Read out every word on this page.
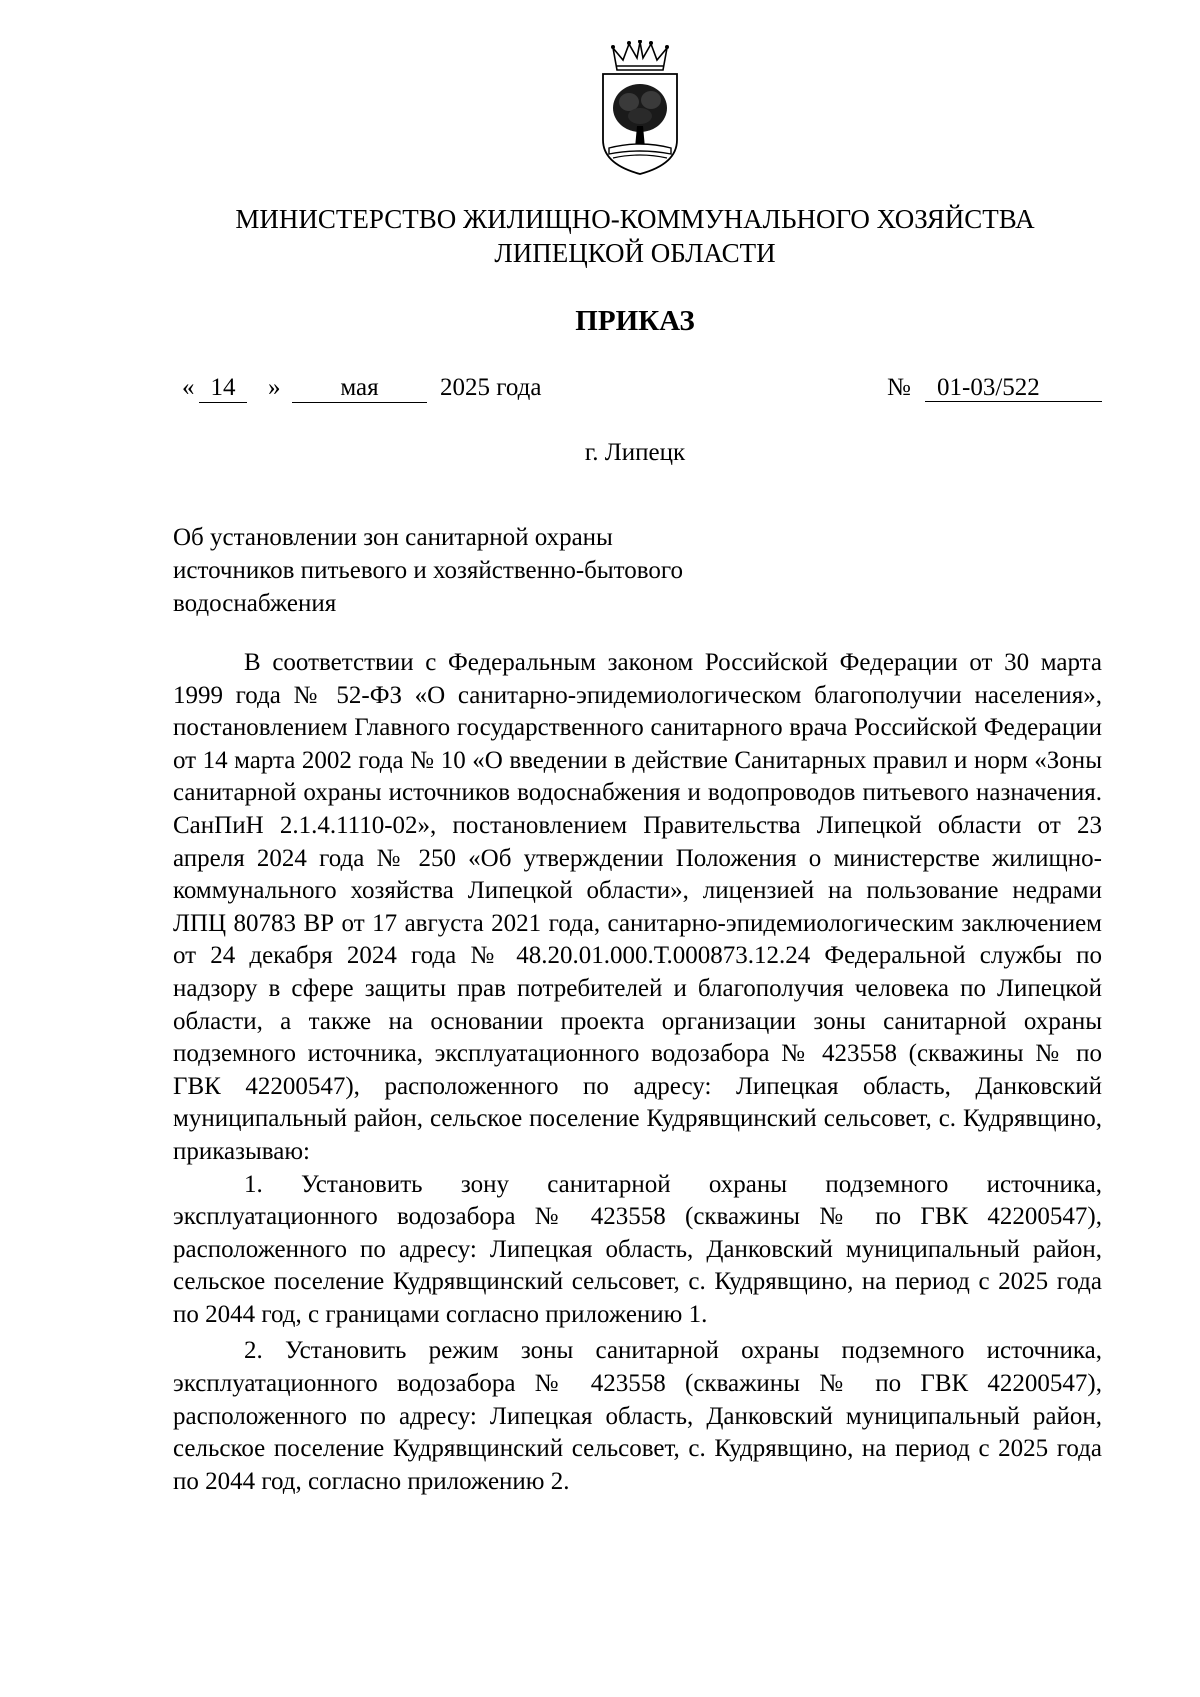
МИНИСТЕРСТВО ЖИЛИЩНО-КОММУНАЛЬНОГО ХОЗЯЙСТВА
ЛИПЕЦКОЙ ОБЛАСТИ
ПРИКАЗ
« 14	»	мая	2025 года	№	01-03/522
г. Липецк
Об установлении зон санитарной охраны
источников питьевого и хозяйственно-бытового
водоснабжения

В соответствии с Федеральным законом Российской Федерации от 30 марта 1999 года № 52-ФЗ «О санитарно-эпидемиологическом благополучии населения», постановлением Главного государственного санитарного врача Российской Федерации от 14 марта 2002 года № 10 «О введении в действие Санитарных правил и норм «Зоны санитарной охраны источников водоснабжения и водопроводов питьевого назначения. СанПиН 2.1.4.1110-02», постановлением Правительства Липецкой области от 23 апреля 2024 года № 250 «Об утверждении Положения о министерстве жилищно-коммунального хозяйства Липецкой области», лицензией на пользование недрами ЛПЦ 80783 ВР от 17 августа 2021 года, санитарно-эпидемиологическим заключением от 24 декабря 2024 года № 48.20.01.000.Т.000873.12.24 Федеральной службы по надзору в сфере защиты прав потребителей и благополучия человека по Липецкой области, а также на основании проекта организации зоны санитарной охраны подземного источника, эксплуатационного водозабора № 423558 (скважины № по ГВК 42200547), расположенного по адресу: Липецкая область, Данковский муниципальный район, сельское поселение Кудрявщинский сельсовет, с. Кудрявщино, приказываю:

1. Установить зону санитарной охраны подземного источника, эксплуатационного водозабора № 423558 (скважины № по ГВК 42200547), расположенного по адресу: Липецкая область, Данковский муниципальный район, сельское поселение Кудрявщинский сельсовет, с. Кудрявщино, на период с 2025 года по 2044 год, с границами согласно приложению 1.

2. Установить режим зоны санитарной охраны подземного источника, эксплуатационного водозабора № 423558 (скважины № по ГВК 42200547), расположенного по адресу: Липецкая область, Данковский муниципальный район, сельское поселение Кудрявщинский сельсовет, с. Кудрявщино, на период с 2025 года по 2044 год, согласно приложению 2.
